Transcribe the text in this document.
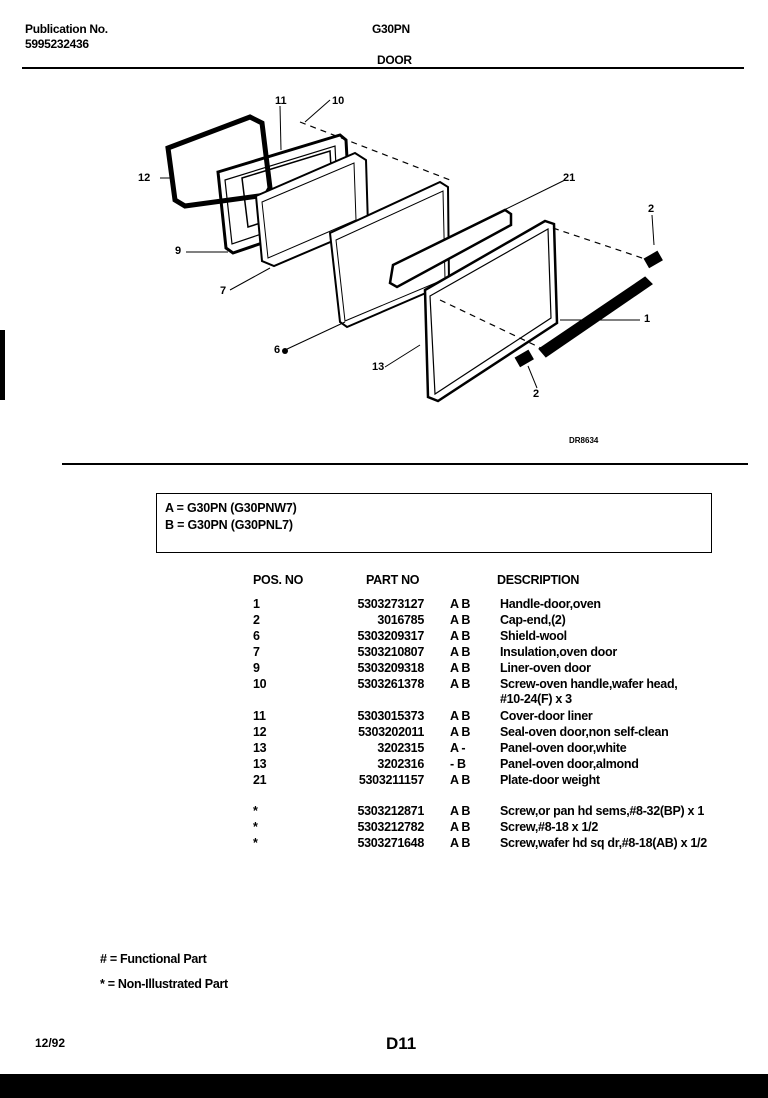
Publication No.
5995232436
G30PN
DOOR
11	10
12	21
2
9
7
1
6
13
2
DR8634
A = G30PN (G30PNW7)
B = G30PN (G30PNL7)
POS. NO	PART NO	DESCRIPTION
1	5303273127 A B Handle-door,oven
2	3016785 A B Cap-end,(2)
6	5303209317 A B Shield-wool
7	5303210807 A B Insulation,oven door
9	5303209318 A B Liner-oven door
10	5303261378 A B Screw-oven handle,wafer head,
#10-24(F) x 3
11	5303015373 A B Cover-door liner
12	5303202011 A B Seal-oven door,non self-clean
13	3202315 A -	Panel-oven door,white
13	3202316 - B	Panel-oven door,almond
21	5303211157 A B Plate-door weight
*	5303212871 A B Screw,or pan hd sems,#8-32(BP) x 1
*	5303212782 A B Screw,#8-18 x 1/2
*	5303271648 A B Screw,wafer hd sq dr,#8-18(AB) x 1/2
# = Functional Part
* = Non-Illustrated Part
12/92	D11
